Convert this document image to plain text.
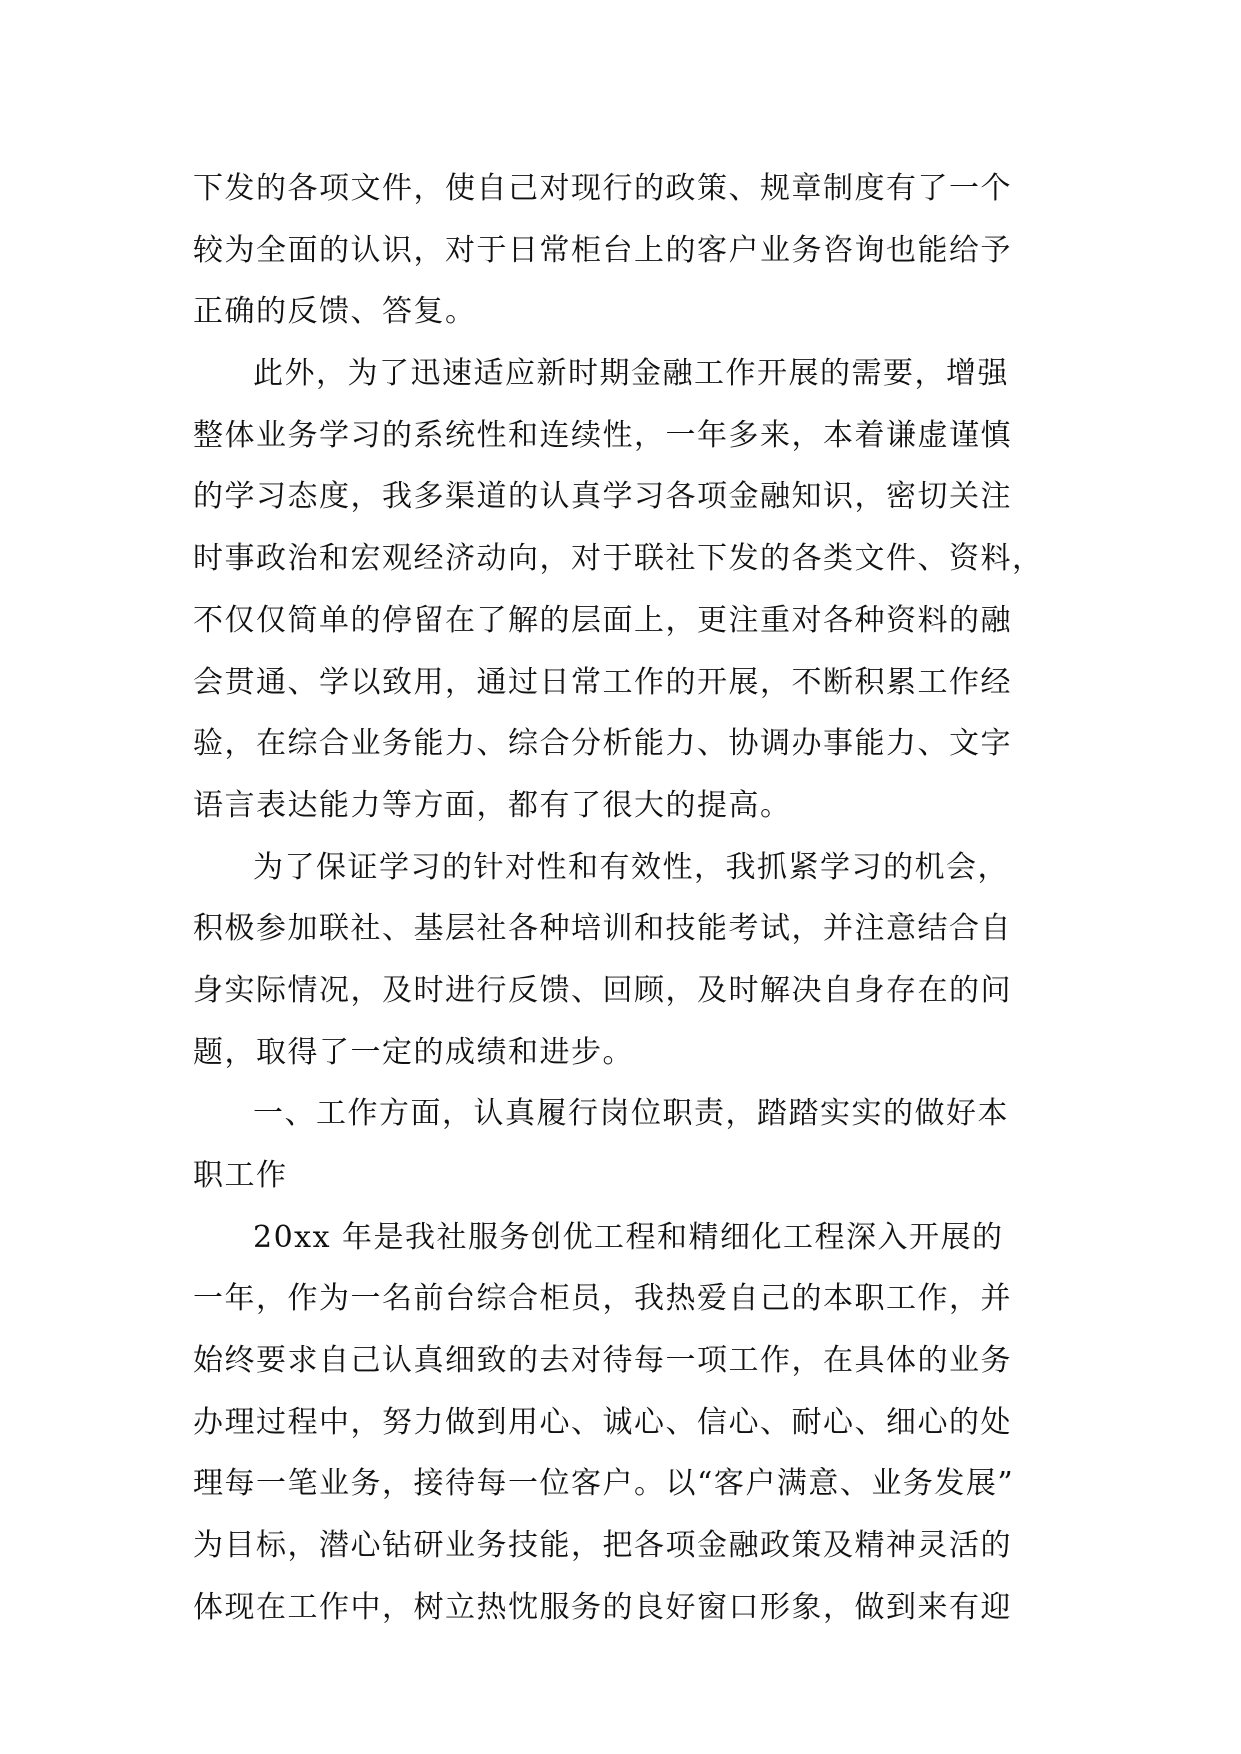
下发的各项文件，使自己对现行的政策、规章制度有了一个
较为全面的认识，对于日常柜台上的客户业务咨询也能给予
正确的反馈、答复。
此外，为了迅速适应新时期金融工作开展的需要，增强
整体业务学习的系统性和连续性，一年多来，本着谦虚谨慎
的学习态度，我多渠道的认真学习各项金融知识，密切关注
时事政治和宏观经济动向，对于联社下发的各类文件、资料，
不仅仅简单的停留在了解的层面上，更注重对各种资料的融
会贯通、学以致用，通过日常工作的开展，不断积累工作经
验，在综合业务能力、综合分析能力、协调办事能力、文字
语言表达能力等方面，都有了很大的提高。
为了保证学习的针对性和有效性，我抓紧学习的机会，
积极参加联社、基层社各种培训和技能考试，并注意结合自
身实际情况，及时进行反馈、回顾，及时解决自身存在的问
题，取得了一定的成绩和进步。
一、工作方面，认真履行岗位职责，踏踏实实的做好本
职工作
20xx 年是我社服务创优工程和精细化工程深入开展的
一年，作为一名前台综合柜员，我热爱自己的本职工作，并
始终要求自己认真细致的去对待每一项工作，在具体的业务
办理过程中，努力做到用心、诚心、信心、耐心、细心的处
理每一笔业务，接待每一位客户。以“客户满意、业务发展”
为目标，潜心钻研业务技能，把各项金融政策及精神灵活的
体现在工作中，树立热忱服务的良好窗口形象，做到来有迎
